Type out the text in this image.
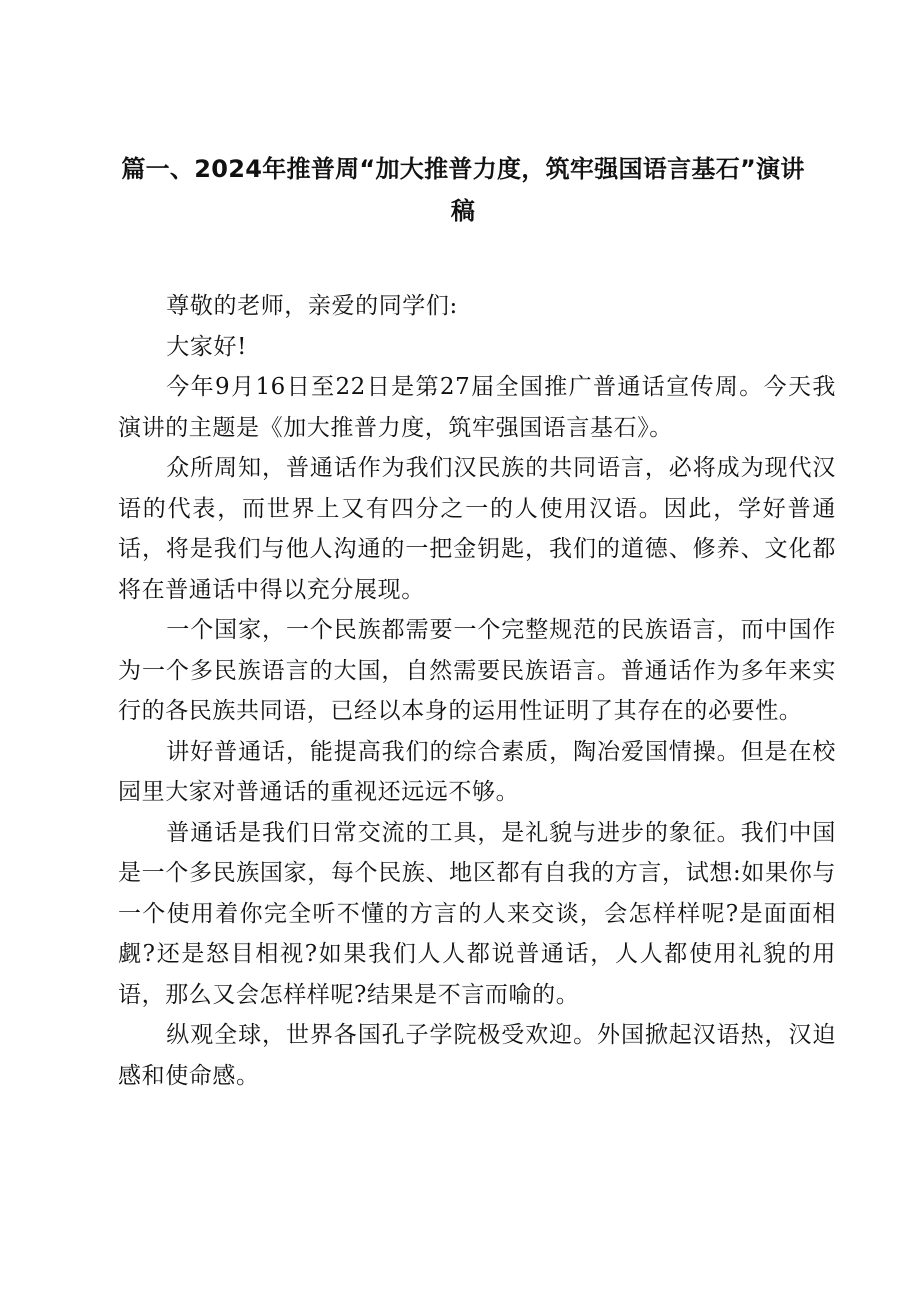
篇一、2024年推普周“加大推普力度，筑牢强国语言基石”演讲稿

尊敬的老师，亲爱的同学们:

大家好!

今年9月16日至22日是第27届全国推广普通话宣传周。今天我演讲的主题是《加大推普力度，筑牢强国语言基石》。

众所周知，普通话作为我们汉民族的共同语言，必将成为现代汉语的代表，而世界上又有四分之一的人使用汉语。因此，学好普通话，将是我们与他人沟通的一把金钥匙，我们的道德、修养、文化都将在普通话中得以充分展现。

一个国家，一个民族都需要一个完整规范的民族语言，而中国作为一个多民族语言的大国，自然需要民族语言。普通话作为多年来实行的各民族共同语，已经以本身的运用性证明了其存在的必要性。

讲好普通话，能提高我们的综合素质，陶冶爱国情操。但是在校园里大家对普通话的重视还远远不够。

普通话是我们日常交流的工具，是礼貌与进步的象征。我们中国是一个多民族国家，每个民族、地区都有自我的方言，试想:如果你与一个使用着你完全听不懂的方言的人来交谈，会怎样样呢?是面面相觑?还是怒目相视?如果我们人人都说普通话，人人都使用礼貌的用语，那么又会怎样样呢?结果是不言而喻的。

纵观全球，世界各国孔子学院极受欢迎。外国掀起汉语热，汉迫感和使命感。
